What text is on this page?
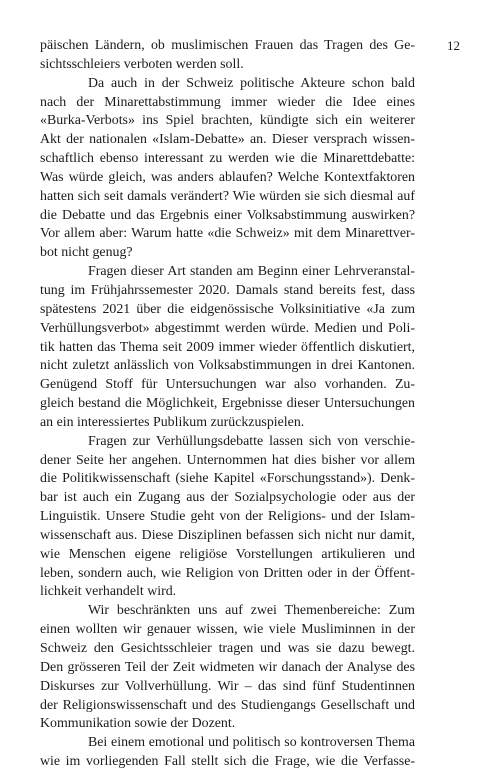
12

päischen Ländern, ob muslimischen Frauen das Tragen des Ge-
sichtsschleiers verboten werden soll.

Da auch in der Schweiz politische Akteure schon bald
nach der Minarettabstimmung immer wieder die Idee eines
«Burka-Verbots» ins Spiel brachten, kündigte sich ein weiterer
Akt der nationalen «Islam-Debatte» an. Dieser versprach wissen-
schaftlich ebenso interessant zu werden wie die Minarettdebatte:
Was würde gleich, was anders ablaufen? Welche Kontextfaktoren
hatten sich seit damals verändert? Wie würden sie sich diesmal auf
die Debatte und das Ergebnis einer Volksabstimmung auswirken?
Vor allem aber: Warum hatte «die Schweiz» mit dem Minarettver-
bot nicht genug?

Fragen dieser Art standen am Beginn einer Lehrveranstal-
tung im Frühjahrssemester 2020. Damals stand bereits fest, dass
spätestens 2021 über die eidgenössische Volksinitiative «Ja zum
Verhüllungsverbot» abgestimmt werden würde. Medien und Poli-
tik hatten das Thema seit 2009 immer wieder öffentlich diskutiert,
nicht zuletzt anlässlich von Volksabstimmungen in drei Kantonen.
Genügend Stoff für Untersuchungen war also vorhanden. Zu-
gleich bestand die Möglichkeit, Ergebnisse dieser Untersuchungen
an ein interessiertes Publikum zurückzuspielen.

Fragen zur Verhüllungsdebatte lassen sich von verschie-
dener Seite her angehen. Unternommen hat dies bisher vor allem
die Politikwissenschaft (siehe Kapitel «Forschungsstand»). Denk-
bar ist auch ein Zugang aus der Sozialpsychologie oder aus der
Linguistik. Unsere Studie geht von der Religions- und der Islam-
wissenschaft aus. Diese Disziplinen befassen sich nicht nur damit,
wie Menschen eigene religiöse Vorstellungen artikulieren und
leben, sondern auch, wie Religion von Dritten oder in der Öffent-
lichkeit verhandelt wird.

Wir beschränkten uns auf zwei Themenbereiche: Zum
einen wollten wir genauer wissen, wie viele Musliminnen in der
Schweiz den Gesichtsschleier tragen und was sie dazu bewegt.
Den grösseren Teil der Zeit widmeten wir danach der Analyse des
Diskurses zur Vollverhüllung. Wir – das sind fünf Studentinnen
der Religionswissenschaft und des Studiengangs Gesellschaft und
Kommunikation sowie der Dozent.

Bei einem emotional und politisch so kontroversen Thema
wie im vorliegenden Fall stellt sich die Frage, wie die Verfasse-
